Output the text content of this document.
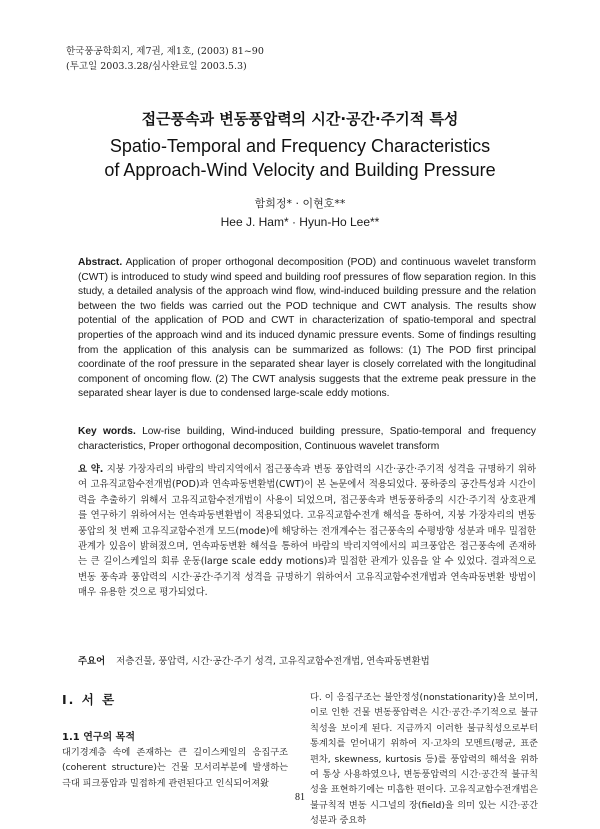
한국풍공학회지, 제7권, 제1호, (2003) 81~90
(투고일 2003.3.28/심사완료일 2003.5.3)
접근풍속과 변동풍압력의 시간·공간·주기적 특성
Spatio-Temporal and Frequency Characteristics
of Approach-Wind Velocity and Building Pressure
함희정* · 이현호**
Hee J. Ham* · Hyun-Ho Lee**
Abstract. Application of proper orthogonal decomposition (POD) and continuous wavelet transform (CWT) is introduced to study wind speed and building roof pressures of flow separation region. In this study, a detailed analysis of the approach wind flow, wind-induced building pressure and the relation between the two fields was carried out the POD technique and CWT analysis. The results show potential of the application of POD and CWT in characterization of spatio-temporal and spectral properties of the approach wind and its induced dynamic pressure events. Some of findings resulting from the application of this analysis can be summarized as follows: (1) The POD first principal coordinate of the roof pressure in the separated shear layer is closely correlated with the longitudinal component of oncoming flow. (2) The CWT analysis suggests that the extreme peak pressure in the separated shear layer is due to condensed large-scale eddy motions.
Key words. Low-rise building, Wind-induced building pressure, Spatio-temporal and frequency characteristics, Proper orthogonal decomposition, Continuous wavelet transform
요 약. 지붕 가장자리의 바람의 박리지역에서 접근풍속과 변동 풍압력의 시간·공간·주기적 성격을 규명하기 위하여 고유직교함수전개법(POD)과 연속파동변환법(CWT)이 본 논문에서 적용되었다. 풍하중의 공간특성과 시간이력을 추출하기 위해서 고유직교함수전개법이 사용이 되었으며, 접근풍속과 변동풍하중의 시간·주기적 상호관계를 연구하기 위하여서는 연속파동변환법이 적용되었다. 고유직교함수전개 해석을 통하여, 지붕 가장자리의 변동풍압의 첫 번째 고유직교함수전개 모드(mode)에 해당하는 전개계수는 접근풍속의 수평방향 성분과 매우 밀접한 관계가 있음이 밝혀졌으며, 연속파동변환 해석을 통하여 바람의 박리지역에서의 피크풍압은 접근풍속에 존재하는 큰 길이스케일의 회류 운동(large scale eddy motions)과 밀접한 관계가 있음을 알 수 있었다. 결과적으로 변동 풍속과 풍압력의 시간·공간·주기적 성격을 규명하기 위하여서 고유직교함수전개법과 연속파동변환 방법이 매우 유용한 것으로 평가되었다.
주요어 저층건물, 풍압력, 시간·공간·주기 성격, 고유직교함수전개법, 연속파동변환법
I. 서 론
1.1 연구의 목적
대기경계층 속에 존재하는 큰 길이스케일의 응집구조(coherent structure)는 건물 모서리부분에 발생하는 극대 피크풍압과 밀접하게 관련된다고 인식되어져왔
다. 이 응집구조는 불안정성(nonstationarity)을 보이며, 이로 인한 건물 변동풍압력은 시간·공간·주기적으로 불규칙성을 보이게 된다. 지금까지 이러한 불규칙성으로부터 통계치를 얻어내기 위하여 지·고차의 모멘트(평균, 표준편차, skewness, kurtosis 등)를 풍압력의 해석을 위하여 통상 사용하였으나, 변동풍압력의 시간·공간적 불규칙성을 표현하기에는 미흡한 편이다. 고유직교함수전개법은 불규칙적 변동 시그널의 장(field)을 의미 있는 시간·공간 성분과 중요하
81
